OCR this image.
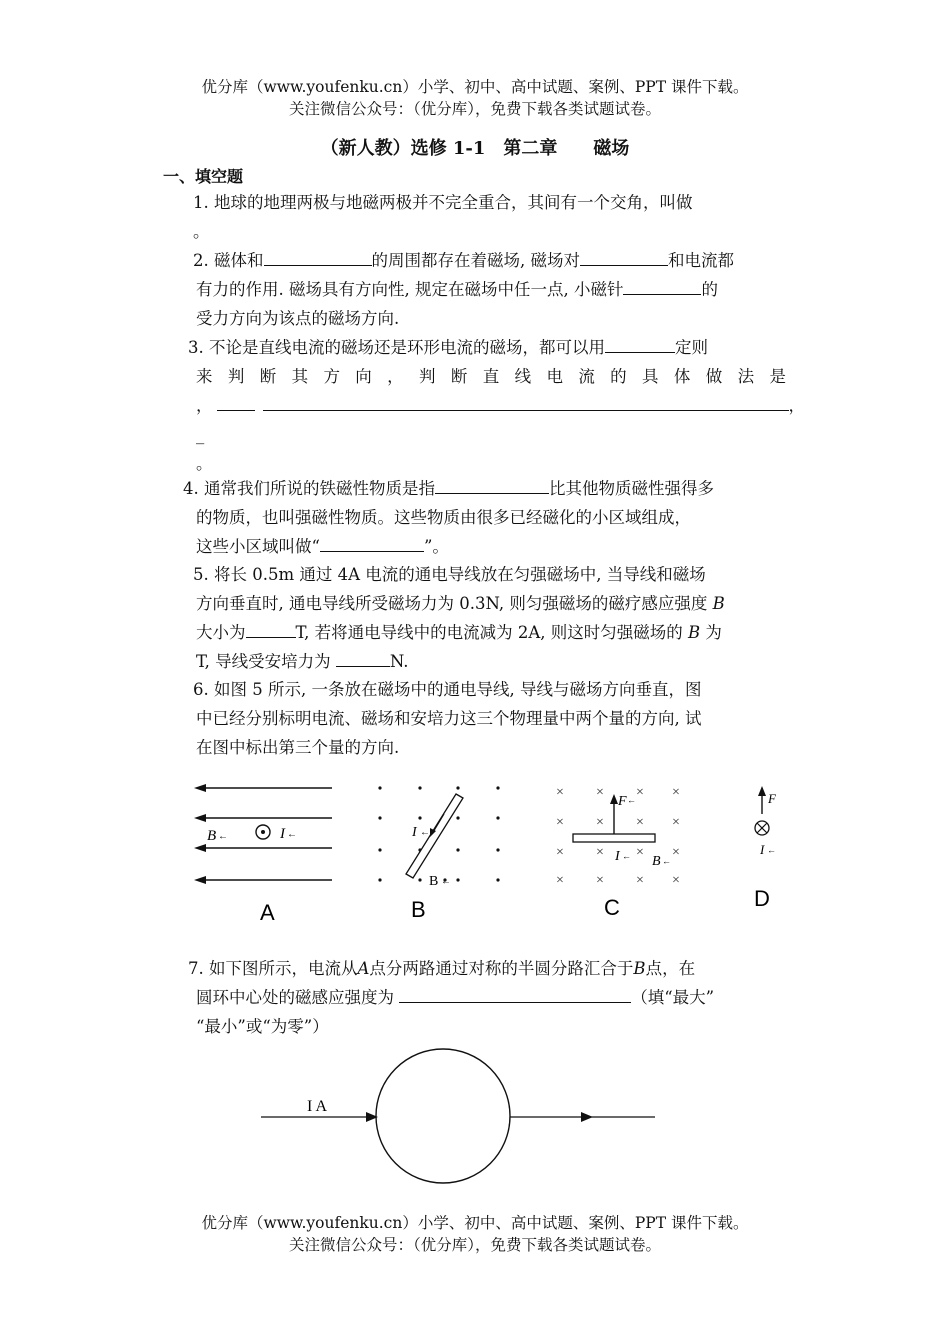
优分库（www.youfenku.cn）小学、初中、高中试题、案例、PPT 课件下载。
关注微信公众号：（优分库），免费下载各类试题试卷。
（新人教）选修 1-1　第二章　　磁场
一、填空题
1. 地球的地理两极与地磁两极并不完全重合，其间有一个交角，叫做
。
2. 磁体和	的周围都存在着磁场, 磁场对	和电流都
有力的作用. 磁场具有方向性, 规定在磁场中任一点, 小磁针	的
受力方向为该点的磁场方向.
3. 不论是直线电流的磁场还是环形电流的磁场，都可以用	定则
来 判 断 其 方 向 ， 判 断 直 线 电 流 的 具 体 做 法 是
，	，
_
。
4. 通常我们所说的铁磁性物质是指	比其他物质磁性强得多
的物质，也叫强磁性物质。这些物质由很多已经磁化的小区域组成，
这些小区域叫做“	”。
5. 将长 0.5m 通过 4A 电流的通电导线放在匀强磁场中, 当导线和磁场
方向垂直时, 通电导线所受磁场力为 0.3N, 则匀强磁场的磁疗感应强度 B
大小为	T, 若将通电导线中的电流减为 2A, 则这时匀强磁场的 B 为
T, 导线受安培力为	N.
6. 如图 5 所示, 一条放在磁场中的通电导线, 导线与磁场方向垂直，图
中已经分别标明电流、磁场和安培力这三个物理量中两个量的方向, 试
在图中标出第三个量的方向.
B ←	I ←
A
I ←
B ←
B
× × × ×
× × × ×
× × × ×
× × × ×
F ←
I ← B ←
C
F
I ←
D
7. 如下图所示，电流从A点分两路通过对称的半圆分路汇合于B点，在
圆环中心处的磁感应强度为	（填“最大”
“最小”或“为零”）
I A
优分库（www.youfenku.cn）小学、初中、高中试题、案例、PPT 课件下载。
关注微信公众号：（优分库），免费下载各类试题试卷。
